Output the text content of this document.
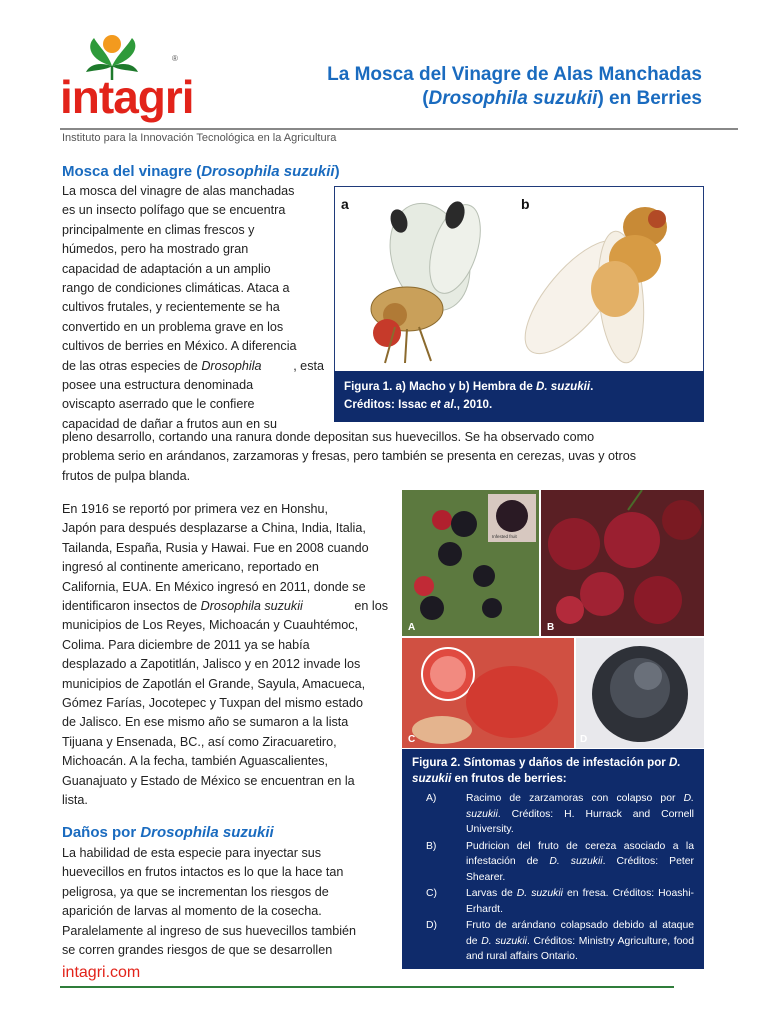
intagri
®
La Mosca del Vinagre de Alas Manchadas
(Drosophila suzukii) en Berries
Instituto para la Innovación Tecnológica en la Agricultura
Mosca del vinagre (Drosophila suzukii)
La mosca del vinagre de alas manchadas
es un insecto polífago que se encuentra
principalmente en climas frescos y
húmedos, pero ha mostrado gran
capacidad de adaptación a un amplio
rango de condiciones climáticas. Ataca a
cultivos frutales, y recientemente se ha
convertido en un problema grave en los
cultivos de berries en México. A diferencia
de las otras especies de Drosophila	, esta
posee una estructura denominada
oviscapto aserrado que le confiere
capacidad de dañar a frutos aun en su
pleno desarrollo, cortando una ranura donde depositan sus huevecillos. Se ha observado como
problema serio en arándanos, zarzamoras y fresas, pero también se presenta en cerezas, uvas y otros
frutos de pulpa blanda.
a	b
Figura 1. a) Macho y b) Hembra de D. suzukii.
Créditos: Issac et al., 2010.
En 1916 se reportó por primera vez en Honshu,
Japón para después desplazarse a China, India, Italia,
Tailanda, España, Rusia y Hawai. Fue en 2008 cuando
ingresó al continente americano, reportado en
California, EUA. En México ingresó en 2011, donde se
identificaron insectos de Drosophila suzukii	en los
municipios de Los Reyes, Michoacán y Cuauhtémoc,
Colima. Para diciembre de 2011 ya se había
desplazado a Zapotitlán, Jalisco y en 2012 invade los
municipios de Zapotlán el Grande, Sayula, Amacueca,
Gómez Farías, Jocotepec y Tuxpan del mismo estado
de Jalisco. En ese mismo año se sumaron a la lista
Tijuana y Ensenada, BC., así como Ziracuaretiro,
Michoacán. A la fecha, también Aguascalientes,
Guanajuato y Estado de México se encuentran en la
lista.
A
Infested fruit
B
C	D
Figura 2. Síntomas y daños de infestación por D. suzukii en frutos de berries:
A)	Racimo de zarzamoras con colapso por D. suzukii. Créditos: H. Hurrack and Cornell University.
B)	Pudricion del fruto de cereza asociado a la infestación de D. suzukii. Créditos: Peter Shearer.
C)	Larvas de D. suzukii en fresa. Créditos: Hoashi-Erhardt.
D)	Fruto de arándano colapsado debido al ataque de D. suzukii. Créditos: Ministry Agriculture, food and rural affairs Ontario.
Daños por Drosophila suzukii
La habilidad de esta especie para inyectar sus
huevecillos en frutos intactos es lo que la hace tan
peligrosa, ya que se incrementan los riesgos de
aparición de larvas al momento de la cosecha.
Paralelamente al ingreso de sus huevecillos también
se corren grandes riesgos de que se desarrollen
intagri.com
